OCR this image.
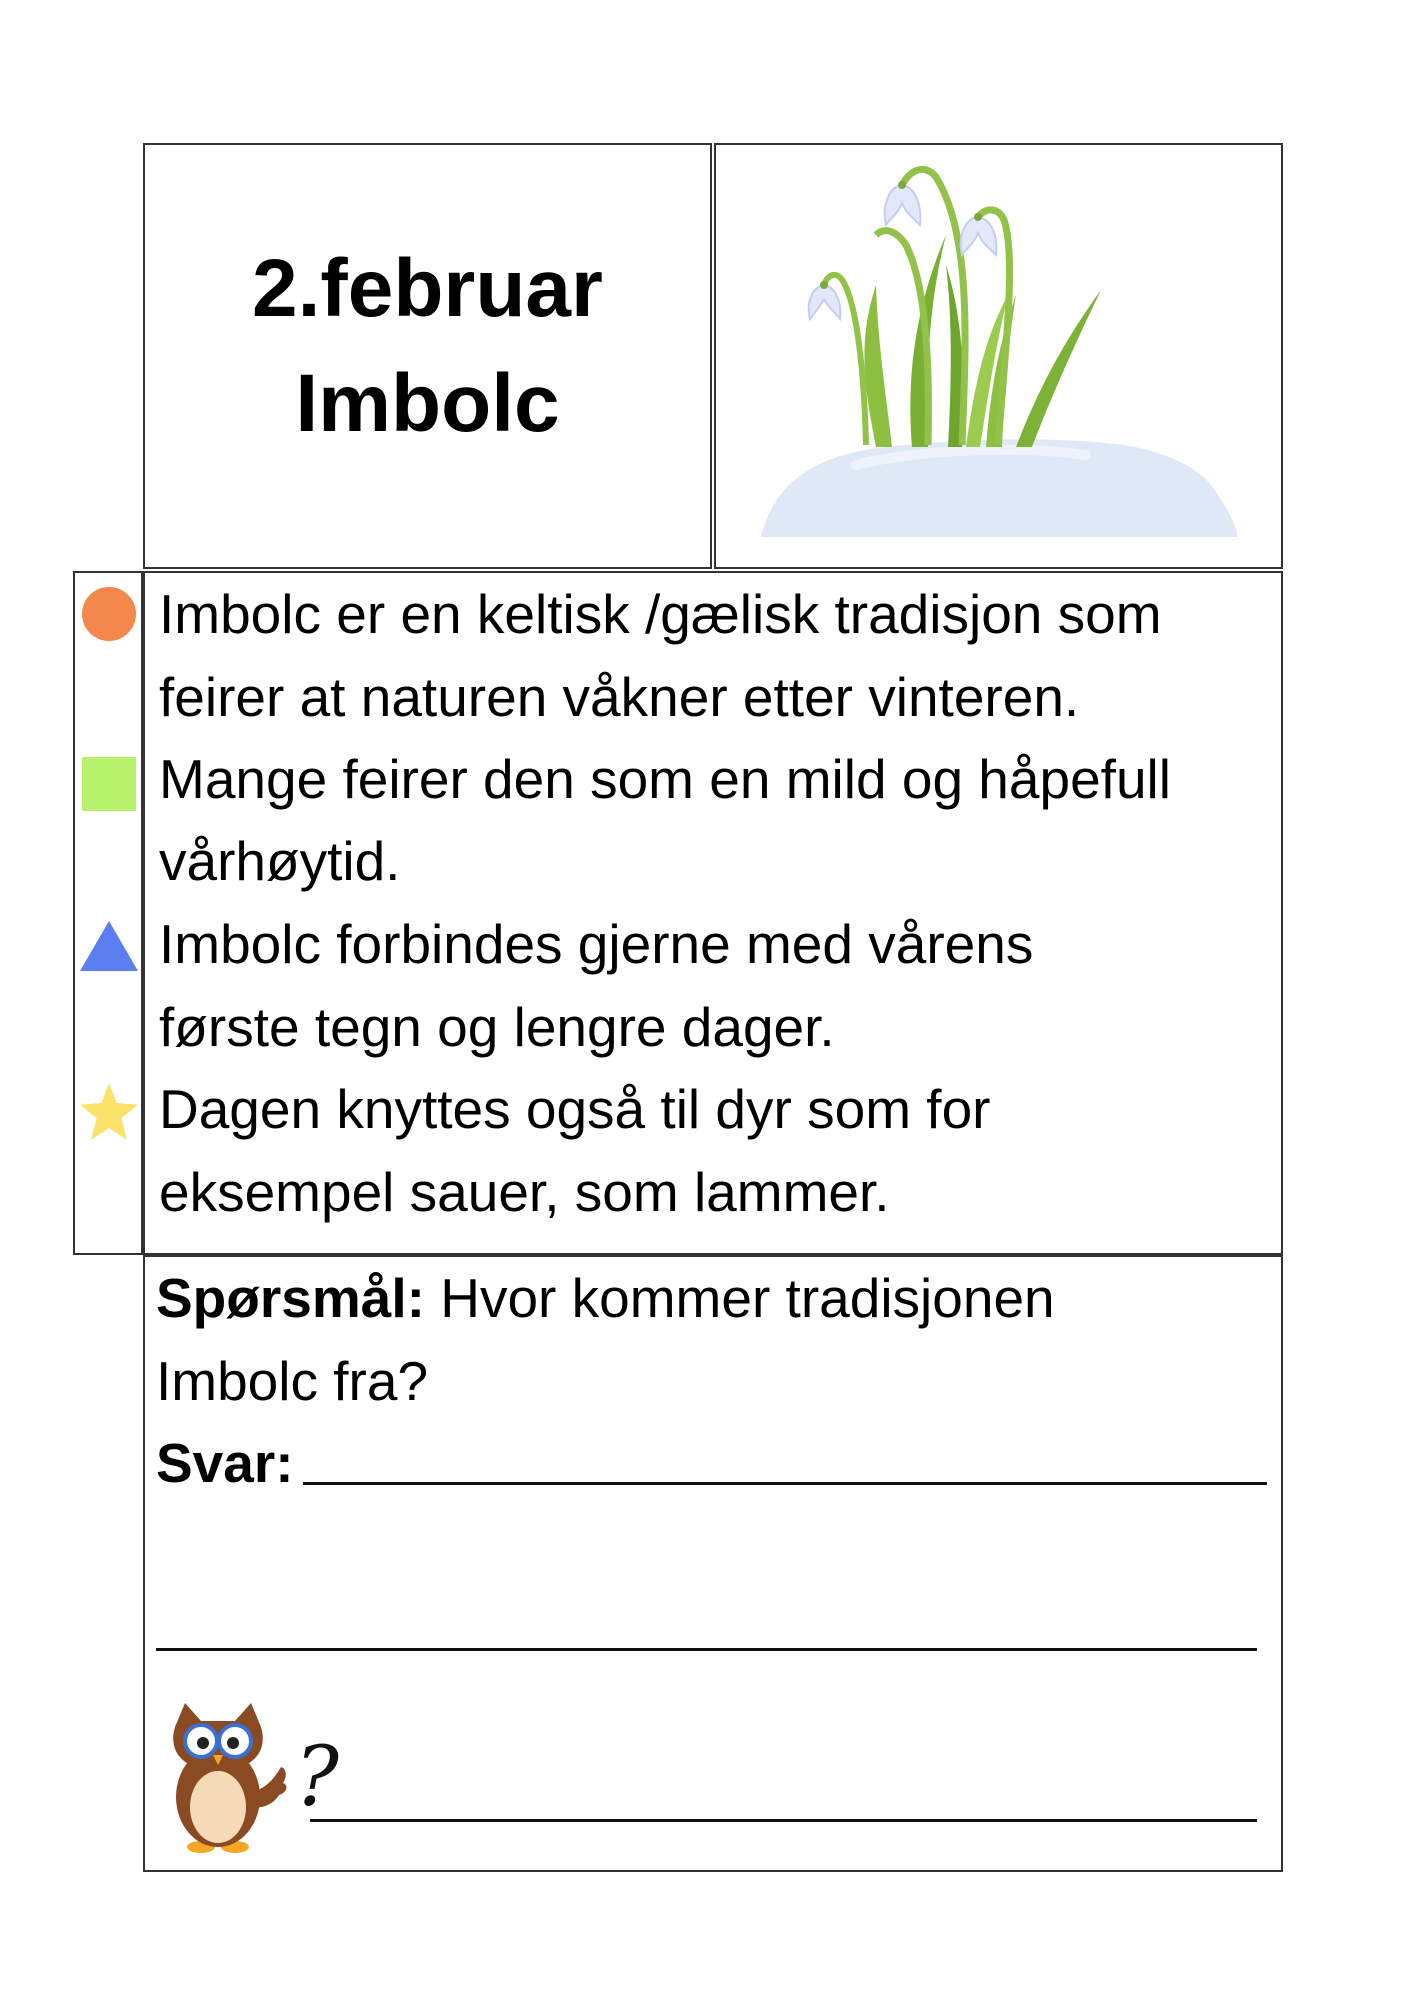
2.februar
Imbolc
Imbolc er en keltisk /gælisk tradisjon som
feirer at naturen våkner etter vinteren.
Mange feirer den som en mild og håpefull
vårhøytid.
Imbolc forbindes gjerne med vårens
første tegn og lengre dager.
Dagen knyttes også til dyr som for
eksempel sauer, som lammer.
Spørsmål: Hvor kommer tradisjonen
Imbolc fra?
Svar:
?
